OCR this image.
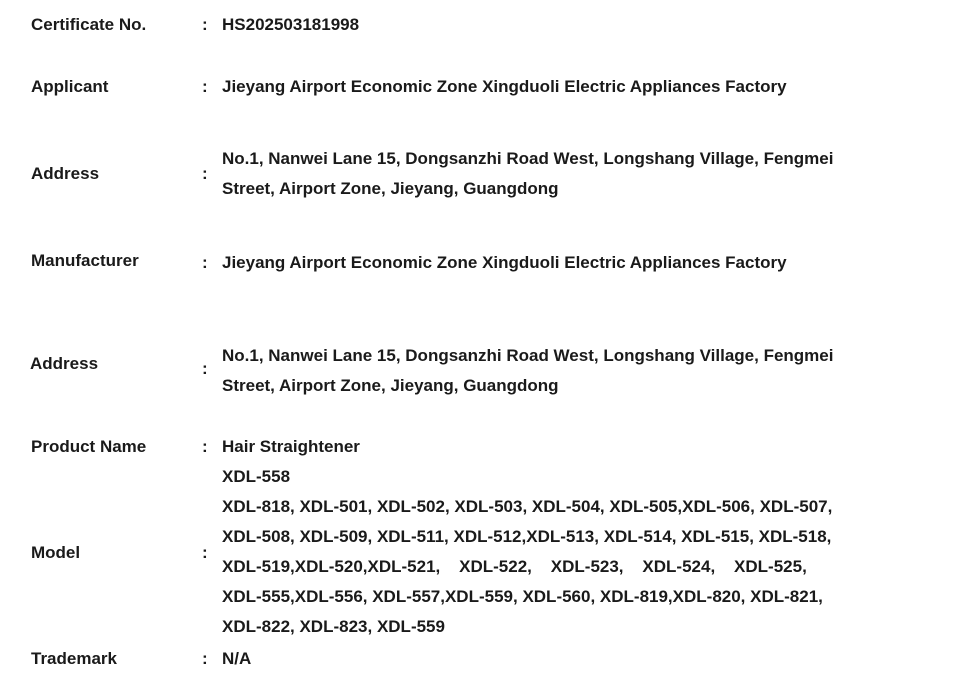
Certificate No.	: HS202503181998
Applicant	: Jieyang Airport Economic Zone Xingduoli Electric Appliances Factory
Address	:
No.1, Nanwei Lane 15, Dongsanzhi Road West, Longshang Village, Fengmei
Street, Airport Zone, Jieyang, Guangdong
Manufacturer	: Jieyang Airport Economic Zone Xingduoli Electric Appliances Factory
Address	:
No.1, Nanwei Lane 15, Dongsanzhi Road West, Longshang Village, Fengmei
Street, Airport Zone, Jieyang, Guangdong
Product Name	: Hair Straightener
Model	:
XDL-558
XDL-818, XDL-501, XDL-502, XDL-503, XDL-504, XDL-505,XDL-506, XDL-507,
XDL-508, XDL-509, XDL-511, XDL-512,XDL-513, XDL-514, XDL-515, XDL-518,
XDL-519,XDL-520,XDL-521,    XDL-522,    XDL-523,    XDL-524,    XDL-525,
XDL-555,XDL-556, XDL-557,XDL-559, XDL-560, XDL-819,XDL-820, XDL-821,
XDL-822, XDL-823, XDL-559
Trademark	: N/A
